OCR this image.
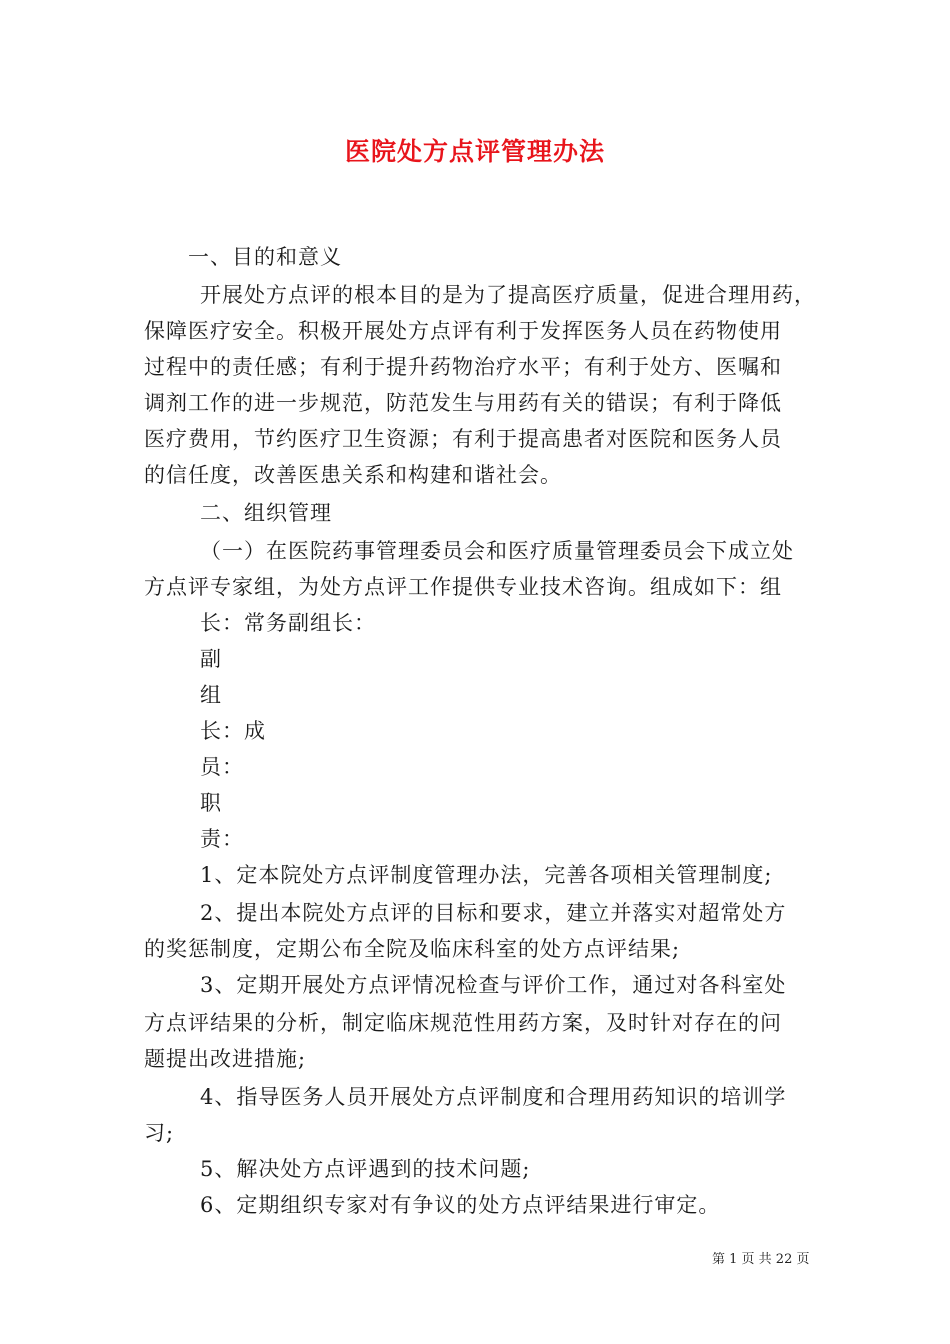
医院处方点评管理办法
一、目的和意义
开展处方点评的根本目的是为了提高医疗质量，促进合理用药，
保障医疗安全。积极开展处方点评有利于发挥医务人员在药物使用
过程中的责任感；有利于提升药物治疗水平；有利于处方、医嘱和
调剂工作的进一步规范，防范发生与用药有关的错误；有利于降低
医疗费用，节约医疗卫生资源；有利于提高患者对医院和医务人员
的信任度，改善医患关系和构建和谐社会。
二、组织管理
（一）在医院药事管理委员会和医疗质量管理委员会下成立处
方点评专家组，为处方点评工作提供专业技术咨询。组成如下：组
长：常务副组长：
副
组
长：成
员：
职
责：
1、定本院处方点评制度管理办法，完善各项相关管理制度;
2、提出本院处方点评的目标和要求，建立并落实对超常处方
的奖惩制度，定期公布全院及临床科室的处方点评结果;
3、定期开展处方点评情况检查与评价工作，通过对各科室处
方点评结果的分析，制定临床规范性用药方案，及时针对存在的问
题提出改进措施;
4、指导医务人员开展处方点评制度和合理用药知识的培训学
习;
5、解决处方点评遇到的技术问题;
6、定期组织专家对有争议的处方点评结果进行审定。
第 1 页 共 22 页
